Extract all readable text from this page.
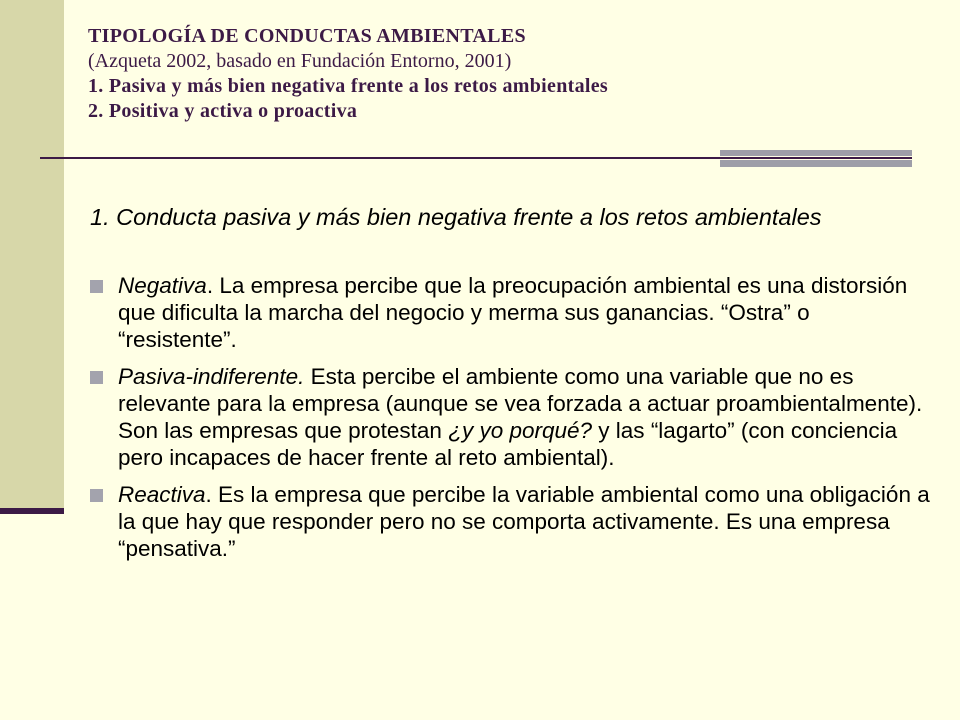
TIPOLOGÍA DE CONDUCTAS AMBIENTALES
(Azqueta 2002, basado en Fundación Entorno, 2001)
1. Pasiva y más bien negativa frente a los retos ambientales
2. Positiva y activa o proactiva
1. Conducta pasiva y más bien negativa frente a los retos ambientales
Negativa. La empresa percibe que la preocupación ambiental es una distorsión que dificulta la marcha del negocio y merma sus ganancias. “Ostra” o “resistente”.
Pasiva-indiferente. Esta percibe el ambiente como una variable que no es relevante para la empresa (aunque se vea forzada a actuar proambientalmente). Son las empresas que protestan ¿y yo porqué? y las “lagarto” (con conciencia pero incapaces de hacer frente al reto ambiental).
Reactiva. Es la empresa que percibe la variable ambiental como una obligación a la que hay que responder pero no se comporta activamente. Es una empresa “pensativa.”
